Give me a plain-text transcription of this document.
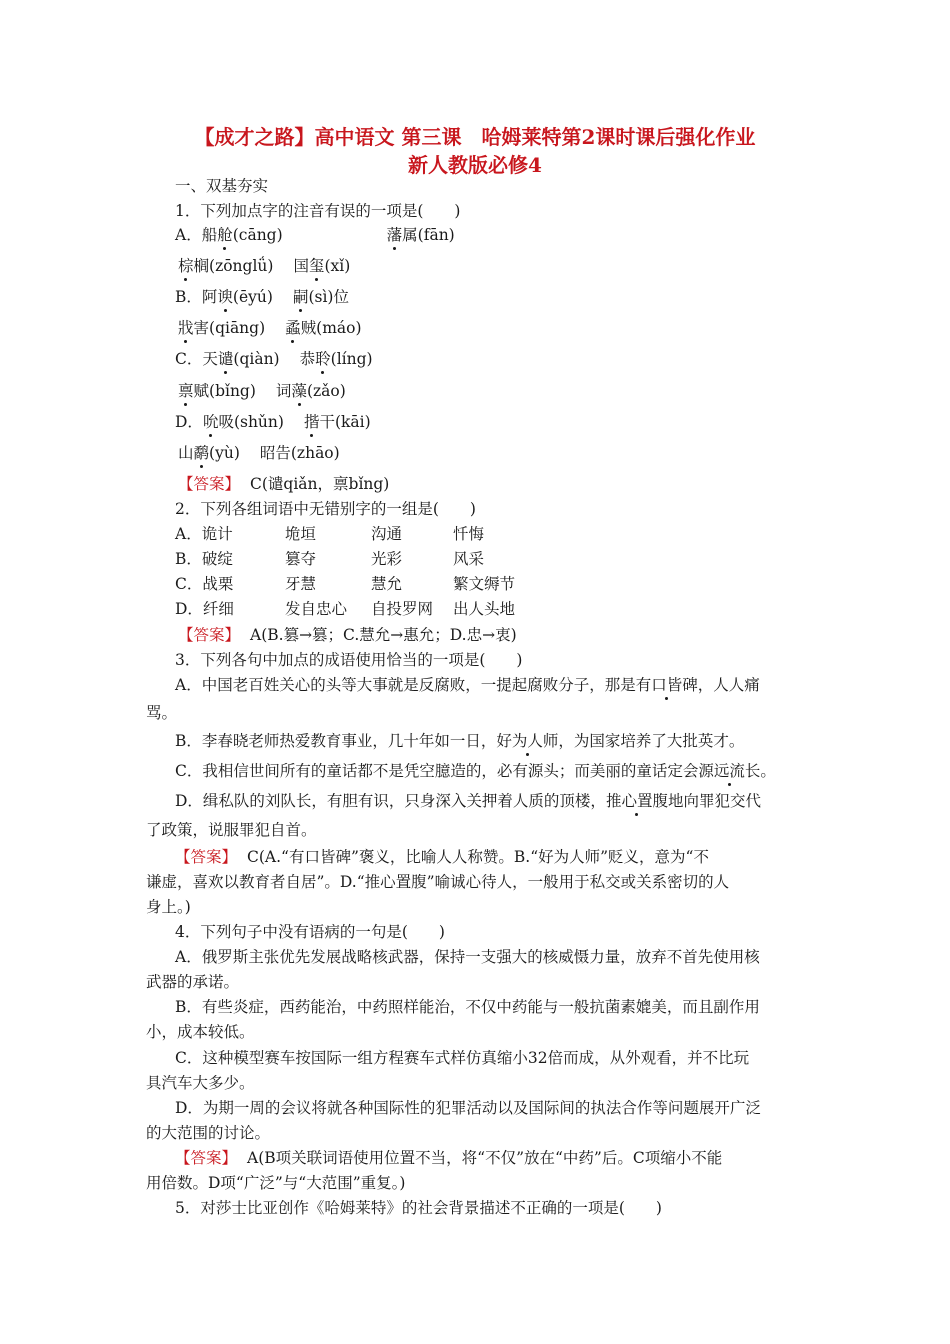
【成才之路】高中语文 第三课　哈姆莱特第2课时课后强化作业
新人教版必修4
一、双基夯实
1．下列加点字的注音有误的一项是(　　)
A．船舱(cāng)	藩属(fān)
棕榈(zōnglǘ) 国玺(xǐ)
B．阿谀(ēyú) 嗣(sì)位
戕害(qiāng) 蟊贼(máo)
C．天谴(qiàn) 恭聆(líng)
禀赋(bǐng) 词藻(zǎo)
D．吮吸(shǔn) 揩干(kāi)
山鹬(yù) 昭告(zhāo)
【答案】 C(谴qiǎn，禀bǐng)
2．下列各组词语中无错别字的一组是(　　)
A．诡计	垝垣	沟通	忏悔
B．破绽	篡夺	光彩	风采
C．战栗	牙慧	慧允	繁文缛节
D．纤细	发自忠心 自投罗网 出人头地
【答案】 A(B.篡→篡；C.慧允→惠允；D.忠→衷)
3．下列各句中加点的成语使用恰当的一项是(　　)
A．中国老百姓关心的头等大事就是反腐败，一提起腐败分子，那是有口皆碑，人人痛
骂。
B．李春晓老师热爱教育事业，几十年如一日，好为人师，为国家培养了大批英才。
C．我相信世间所有的童话都不是凭空臆造的，必有源头；而美丽的童话定会源远流长。
D．缉私队的刘队长，有胆有识，只身深入关押着人质的顶楼，推心置腹地向罪犯交代
了政策，说服罪犯自首。
【答案】 C(A.“有口皆碑”褒义，比喻人人称赞。B.“好为人师”贬义，意为“不
谦虚，喜欢以教育者自居”。D.“推心置腹”喻诚心待人，一般用于私交或关系密切的人
身上。)
4．下列句子中没有语病的一句是(　　)
A．俄罗斯主张优先发展战略核武器，保持一支强大的核威慑力量，放弃不首先使用核
武器的承诺。
B．有些炎症，西药能治，中药照样能治，不仅中药能与一般抗菌素媲美，而且副作用
小，成本较低。
C．这种模型赛车按国际一组方程赛车式样仿真缩小32倍而成，从外观看，并不比玩
具汽车大多少。
D．为期一周的会议将就各种国际性的犯罪活动以及国际间的执法合作等问题展开广泛
的大范围的讨论。
【答案】 A(B项关联词语使用位置不当，将“不仅”放在“中药”后。C项缩小不能
用倍数。D项“广泛”与“大范围”重复。)
5．对莎士比亚创作《哈姆莱特》的社会背景描述不正确的一项是(　　)
